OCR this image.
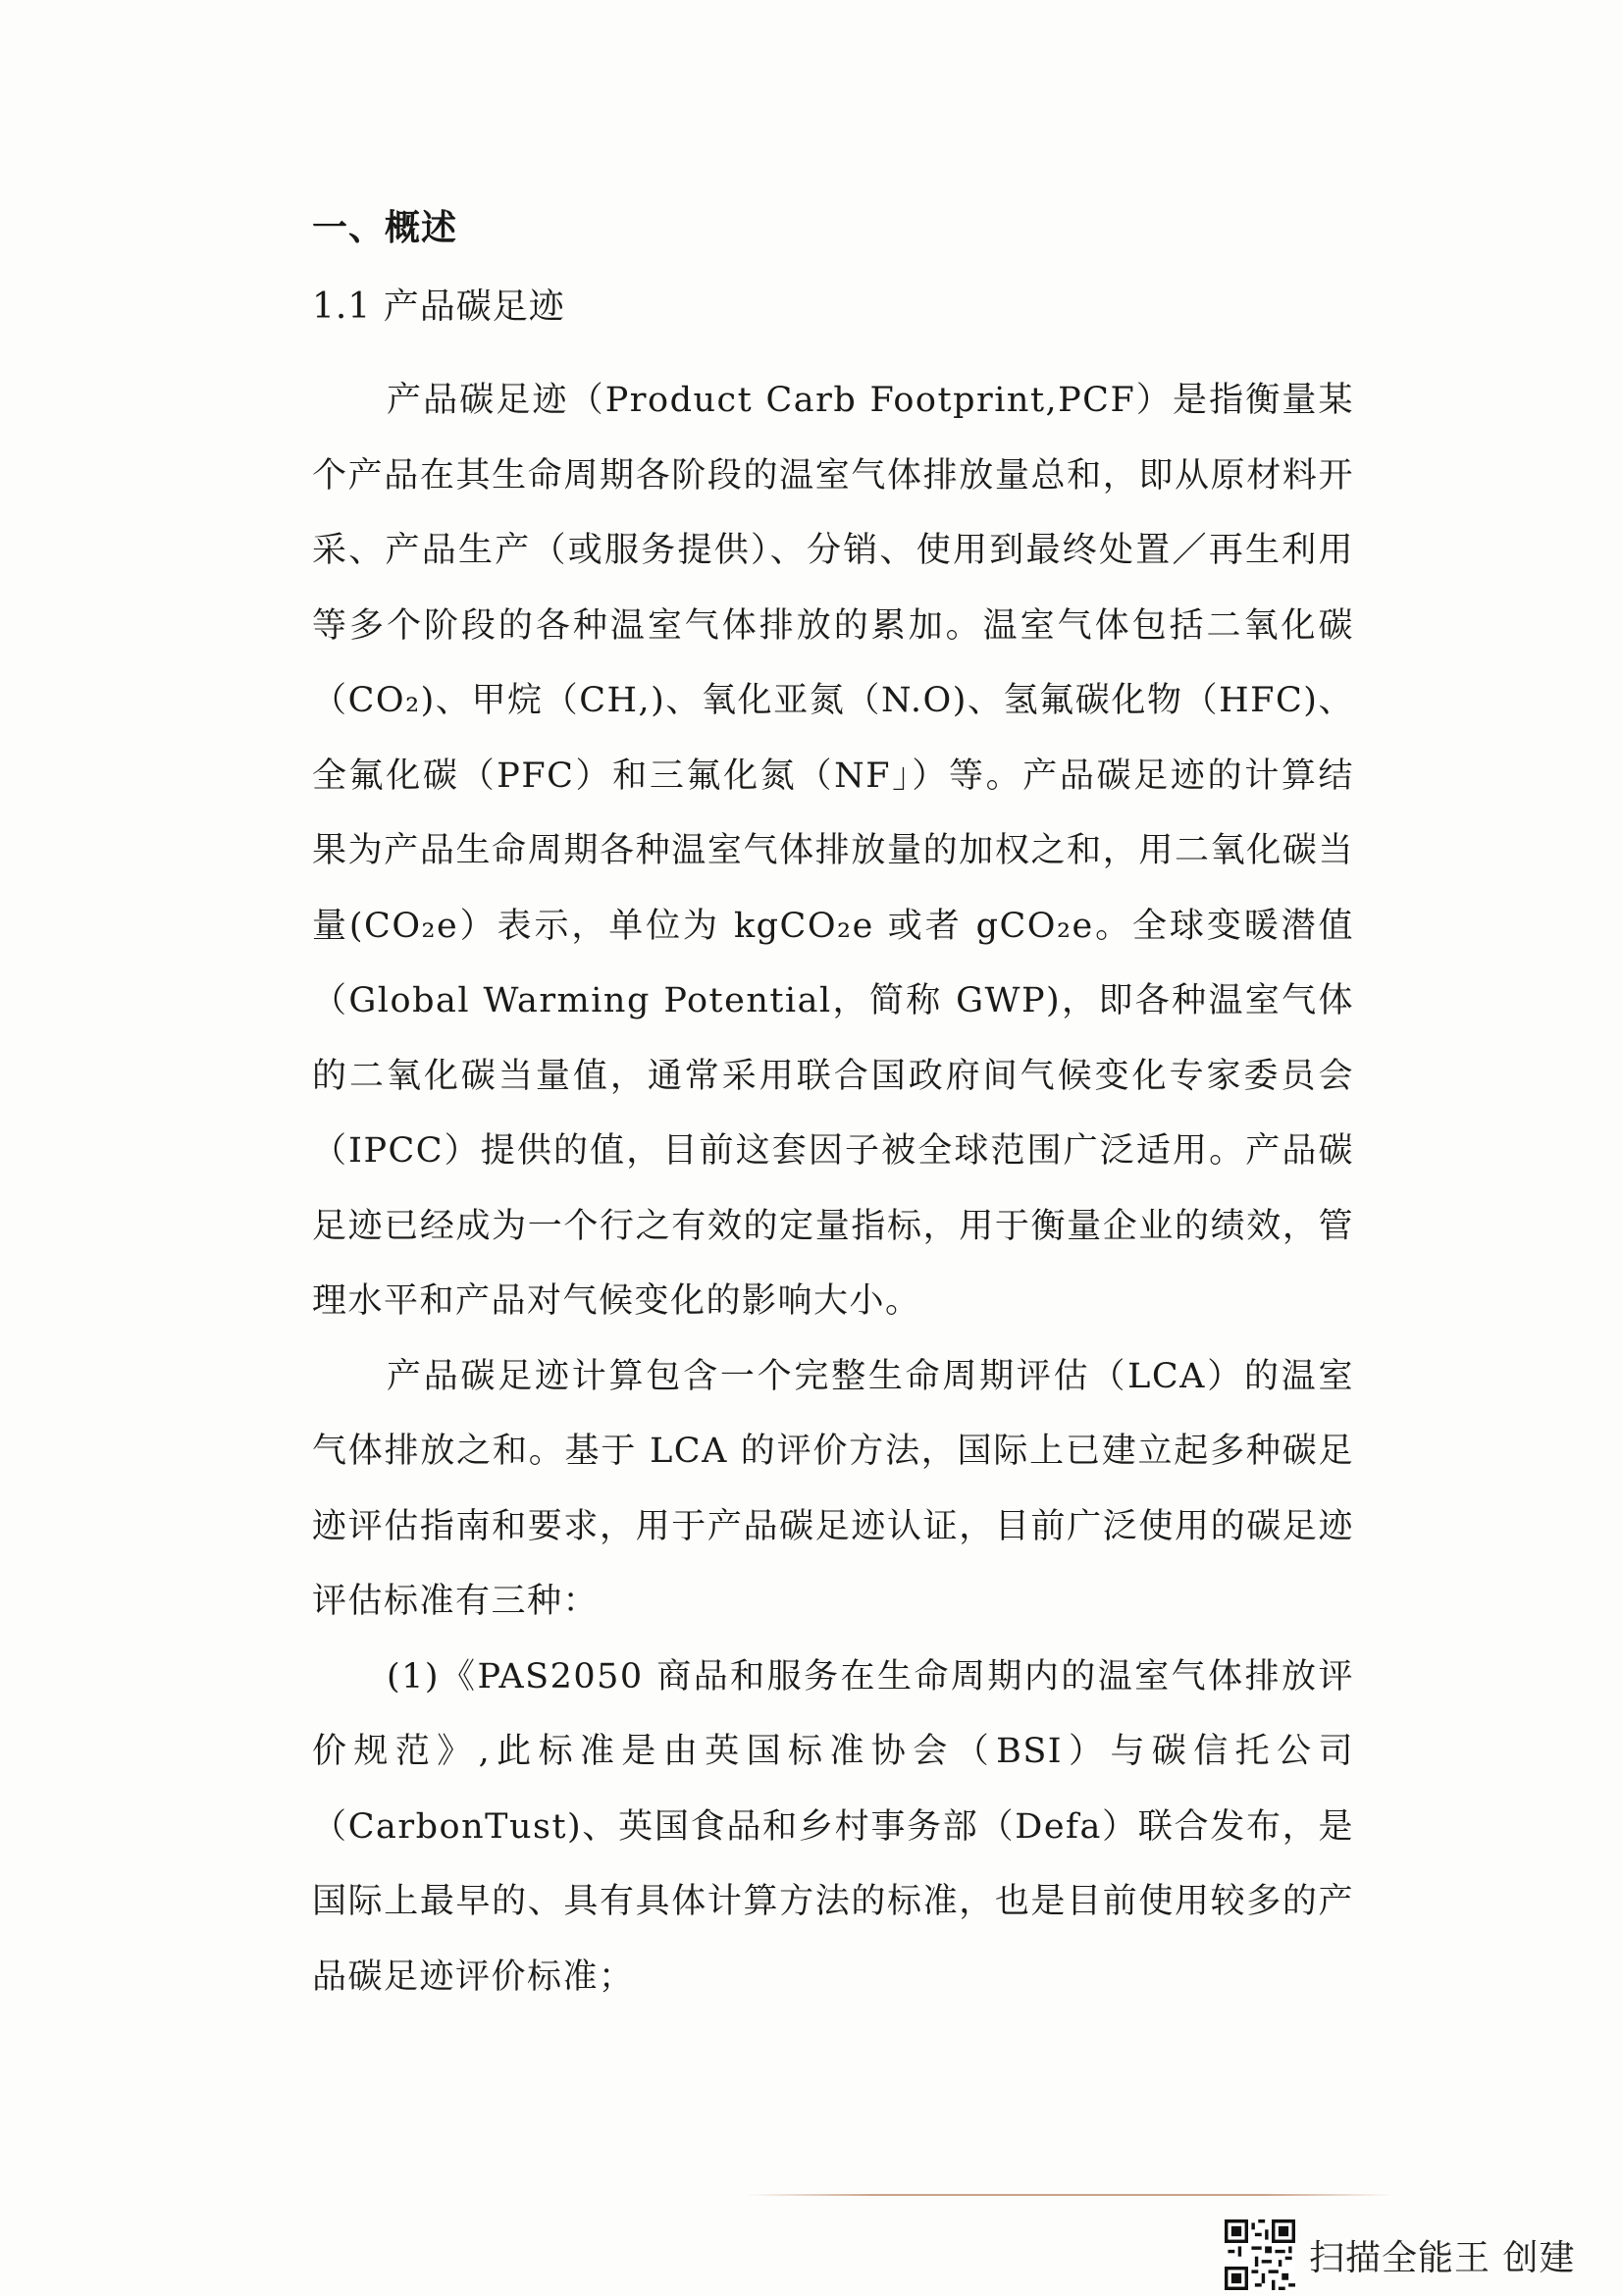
一、概述
1.1 产品碳足迹

产品碳足迹（Product Carb Footprint,PCF）是指衡量某个产品在其生命周期各阶段的温室气体排放量总和，即从原材料开采、产品生产（或服务提供）、分销、使用到最终处置／再生利用等多个阶段的各种温室气体排放的累加。温室气体包括二氧化碳（CO₂)、甲烷（CH,)、氧化亚氮（N.O)、氢氟碳化物（HFC)、全氟化碳（PFC）和三氟化氮（NF」）等。产品碳足迹的计算结果为产品生命周期各种温室气体排放量的加权之和，用二氧化碳当量(CO₂e）表示，单位为 kgCO₂e 或者 gCO₂e。全球变暖潜值（Global Warming Potential，简称 GWP)，即各种温室气体的二氧化碳当量值，通常采用联合国政府间气候变化专家委员会（IPCC）提供的值，目前这套因子被全球范围广泛适用。产品碳足迹已经成为一个行之有效的定量指标，用于衡量企业的绩效，管理水平和产品对气候变化的影响大小。

产品碳足迹计算包含一个完整生命周期评估（LCA）的温室气体排放之和。基于 LCA 的评价方法，国际上已建立起多种碳足迹评估指南和要求，用于产品碳足迹认证，目前广泛使用的碳足迹评估标准有三种：

(1)《PAS2050 商品和服务在生命周期内的温室气体排放评价规范》,此标准是由英国标准协会（BSI）与碳信托公司（CarbonTust)、英国食品和乡村事务部（Defa）联合发布，是国际上最早的、具有具体计算方法的标准，也是目前使用较多的产品碳足迹评价标准；

扫描全能王 创建
